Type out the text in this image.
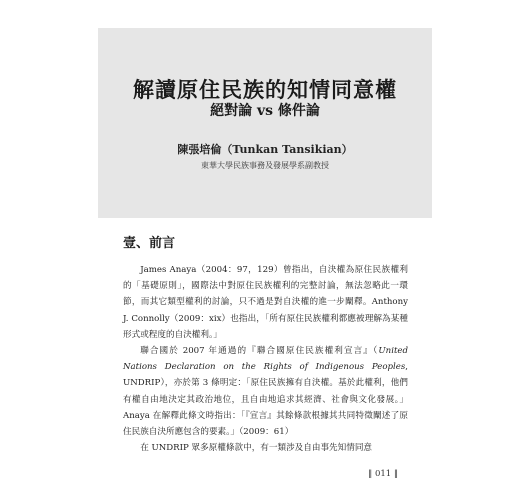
解讀原住民族的知情同意權
絕對論 vs 條件論
陳張培倫（Tunkan Tansikian）
東華大學民族事務及發展學系副教授
壹、前言

James Anaya（2004：97，129）曾指出，自決權為原住民族權利的「基礎原則」，國際法中對原住民族權利的完整討論，無法忽略此一環節，而其它類型權利的討論，只不過是對自決權的進一步闡釋。Anthony J. Connolly（2009：xix）也指出，「所有原住民族權利都應被理解為某種形式或程度的自決權利。」

聯合國於 2007 年通過的『聯合國原住民族權利宣言』（United Nations Declaration on the Rights of Indigenous Peoples, UNDRIP），亦於第 3 條明定：「原住民族擁有自決權。基於此權利，他們有權自由地決定其政治地位，且自由地追求其經濟、社會與文化發展。」Anaya 在解釋此條文時指出：「『宣言』其餘條款根據其共同特徵闡述了原住民族自決所應包含的要素。」（2009：61）

在 UNDRIP 眾多原權條款中，有一類涉及自由事先知情同意

‖ 011 ‖
